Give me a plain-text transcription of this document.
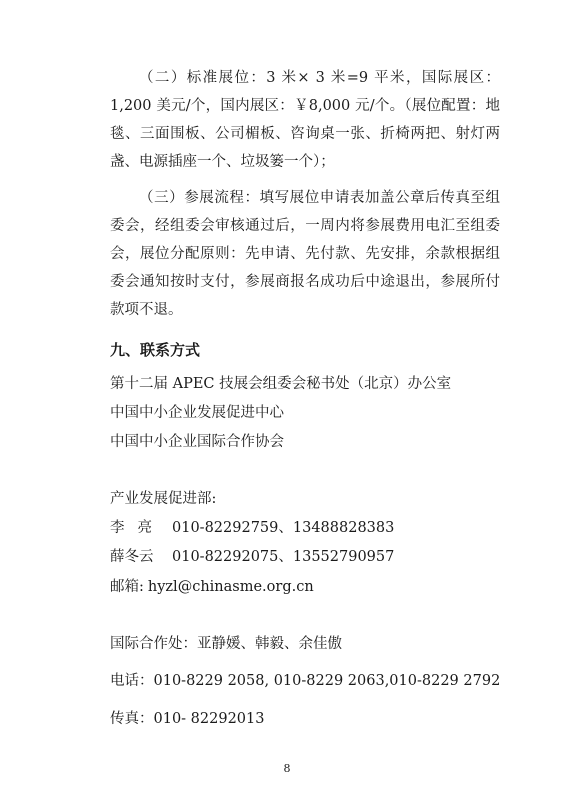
（二）标准展位：3 米× 3 米=9 平米，国际展区：1,200 美元/个，国内展区：￥8,000 元/个。（展位配置：地毯、三面围板、公司楣板、咨询桌一张、折椅两把、射灯两盏、电源插座一个、垃圾篓一个）；
（三）参展流程：填写展位申请表加盖公章后传真至组委会，经组委会审核通过后，一周内将参展费用电汇至组委会，展位分配原则：先申请、先付款、先安排，余款根据组委会通知按时支付，参展商报名成功后中途退出，参展所付款项不退。
九、联系方式
第十二届 APEC 技展会组委会秘书处（北京）办公室
中国中小企业发展促进中心
中国中小企业国际合作协会
产业发展促进部:
李亮 010-82292759、13488828383
薛冬云 010-82292075、13552790957
邮箱: hyzl@chinasme.org.cn
国际合作处：亚静媛、韩毅、余佳傲
电话：010-8229 2058, 010-8229 2063,010-8229 2792
传真：010- 82292013
8
